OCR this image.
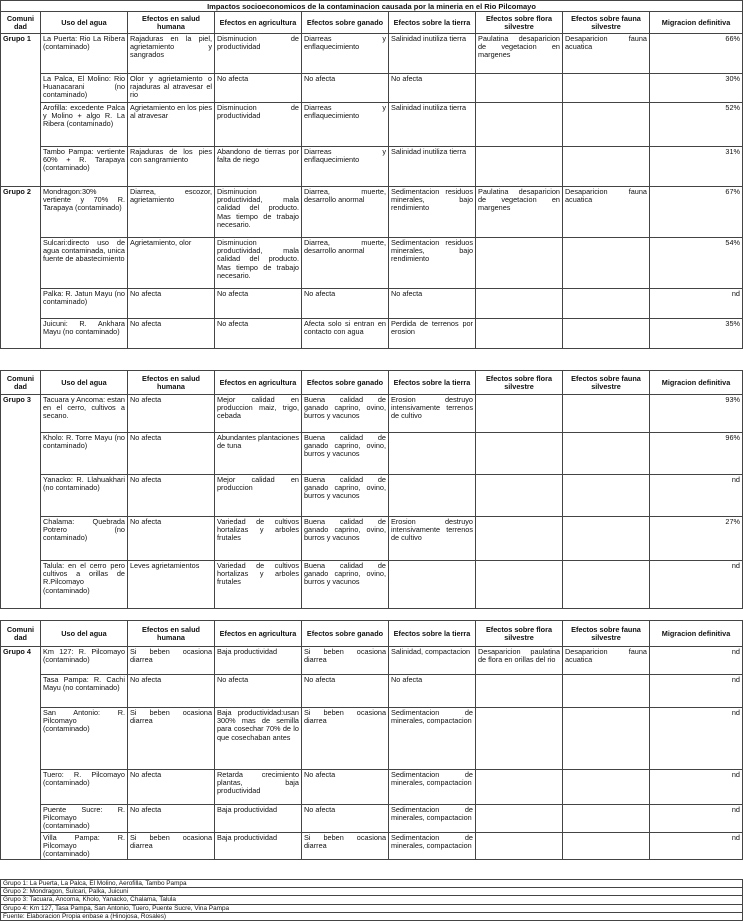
Impactos socioeconomicos de la contaminacion causada por la mineria en el Rio Pilcomayo
Comuni dad	Uso del agua	Efectos en salud humana	Efectos en agricultura	Efectos sobre ganado	Efectos sobre la tierra	Efectos sobre flora silvestre	Efectos sobre fauna silvestre	Migracion definitiva
Grupo 1	La Puerta: Rio La Ribera (contaminado)	Rajaduras en la piel, agrietamiento y sangrados	Disminucion de productividad	Diarreas y enflaquecimiento	Salinidad inutiliza tierra	Paulatina desaparicion de vegetacion en margenes	Desaparicion fauna acuatica	66%
	La Palca, El Molino: Rio Huanacarani (no contaminado)	Olor y agrietamiento o rajaduras al atravesar el rio	No afecta	No afecta	No afecta			30%
	Arofilla: excedente Palca y Molino + algo R. La Ribera (contaminado)	Agrietamiento en los pies al atravesar	Disminucion de productividad	Diarreas y enflaquecimiento	Salinidad inutiliza tierra			52%
	Tambo Pampa: vertiente 60% + R. Tarapaya (contaminado)	Rajaduras de los pies con sangramiento	Abandono de tierras por falta de riego	Diarreas y enflaquecimiento	Salinidad inutiliza tierra			31%
Grupo 2	Mondragon:30% vertiente y 70% R. Tarapaya (contaminado)	Diarrea, escozor, agrietamiento	Disminucion productividad, mala calidad del producto. Mas tiempo de trabajo necesario.	Diarrea, muerte, desarrollo anormal	Sedimentacion residuos minerales, bajo rendimiento	Paulatina desaparicion de vegetacion en margenes	Desaparicion fauna acuatica	67%
	Sulcari:directo uso de agua contaminada, unica fuente de abastecimiento	Agrietamiento, olor	Disminucion productividad, mala calidad del producto. Mas tiempo de trabajo necesario.	Diarrea, muerte, desarrollo anormal	Sedimentacion residuos minerales, bajo rendimiento			54%
	Palka: R. Jatun Mayu (no contaminado)	No afecta	No afecta	No afecta	No afecta			nd
	Juicuni: R. Ankhara Mayu (no contaminado)	No afecta	No afecta	Afecta solo si entran en contacto con agua	Perdida de terrenos por erosion			35%
Comuni dad	Uso del agua	Efectos en salud humana	Efectos en agricultura	Efectos sobre ganado	Efectos sobre la tierra	Efectos sobre flora silvestre	Efectos sobre fauna silvestre	Migracion definitiva
Grupo 3	Tacuara y Ancoma: estan en el cerro, cultivos a secano.	No afecta	Mejor calidad en produccion maiz, trigo, cebada	Buena calidad de ganado caprino, ovino, burros y vacunos	Erosion destruyo intensivamente terrenos de cultivo			93%
	Kholo: R. Torre Mayu (no contaminado)	No afecta	Abundantes plantaciones de tuna	Buena calidad de ganado caprino, ovino, burros y vacunos				96%
	Yanacko: R. Llahuakhari (no contaminado)	No afecta	Mejor calidad en produccion	Buena calidad de ganado caprino, ovino, burros y vacunos				nd
	Chalama: Quebrada Potrero (no contaminado)	No afecta	Variedad de cultivos hortalizas y arboles frutales	Buena calidad de ganado caprino, ovino, burros y vacunos	Erosion destruyo intensivamente terrenos de cultivo			27%
	Talula: en el cerro pero cultivos a orillas de R.Pilcomayo (contaminado)	Leves agrietamientos	Variedad de cultivos hortalizas y arboles frutales	Buena calidad de ganado caprino, ovino, burros y vacunos				nd
Comuni dad	Uso del agua	Efectos en salud humana	Efectos en agricultura	Efectos sobre ganado	Efectos sobre la tierra	Efectos sobre flora silvestre	Efectos sobre fauna silvestre	Migracion definitiva
Grupo 4	Km 127: R. Pilcomayo (contaminado)	Si beben ocasiona diarrea	Baja productividad	Si beben ocasiona diarrea	Salinidad, compactacion	Desaparicion paulatina de flora en orillas del rio	Desaparicion fauna acuatica	nd
	Tasa Pampa: R. Cachi Mayu (no contaminado)	No afecta	No afecta	No afecta	No afecta			nd
	San Antonio: R. Pilcomayo (contaminado)	Si beben ocasiona diarrea	Baja productividad:usan 300% mas de semilla para cosechar 70% de lo que cosechaban antes	Si beben ocasiona diarrea	Sedimentacion de minerales, compactacion			nd
	Tuero: R. Pilcomayo (contaminado)	No afecta	Retarda crecimiento plantas, baja productividad	No afecta	Sedimentacion de minerales, compactacion			nd
	Puente Sucre: R. Pilcomayo (contaminado)	No afecta	Baja productividad	No afecta	Sedimentacion de minerales, compactacion			nd
	Villa Pampa: R. Pilcomayo (contaminado)	Si beben ocasiona diarrea	Baja productividad	Si beben ocasiona diarrea	Sedimentacion de minerales, compactacion			nd
Grupo 1: La Puerta, La Palca, El Molino, Aerofilla, Tambo Pampa
Grupo 2: Mondragon, Sulcari, Palka, Juicuni
Grupo 3: Tacuara, Ancoma, Kholo, Yanacko, Chalama, Talula
Grupo 4: Km 127, Tasa Pampa, San Antonio, Tuero, Puente Sucre, Vina Pampa
Fuente: Elaboracion Propia enbase a (Hinojosa, Rosales)
